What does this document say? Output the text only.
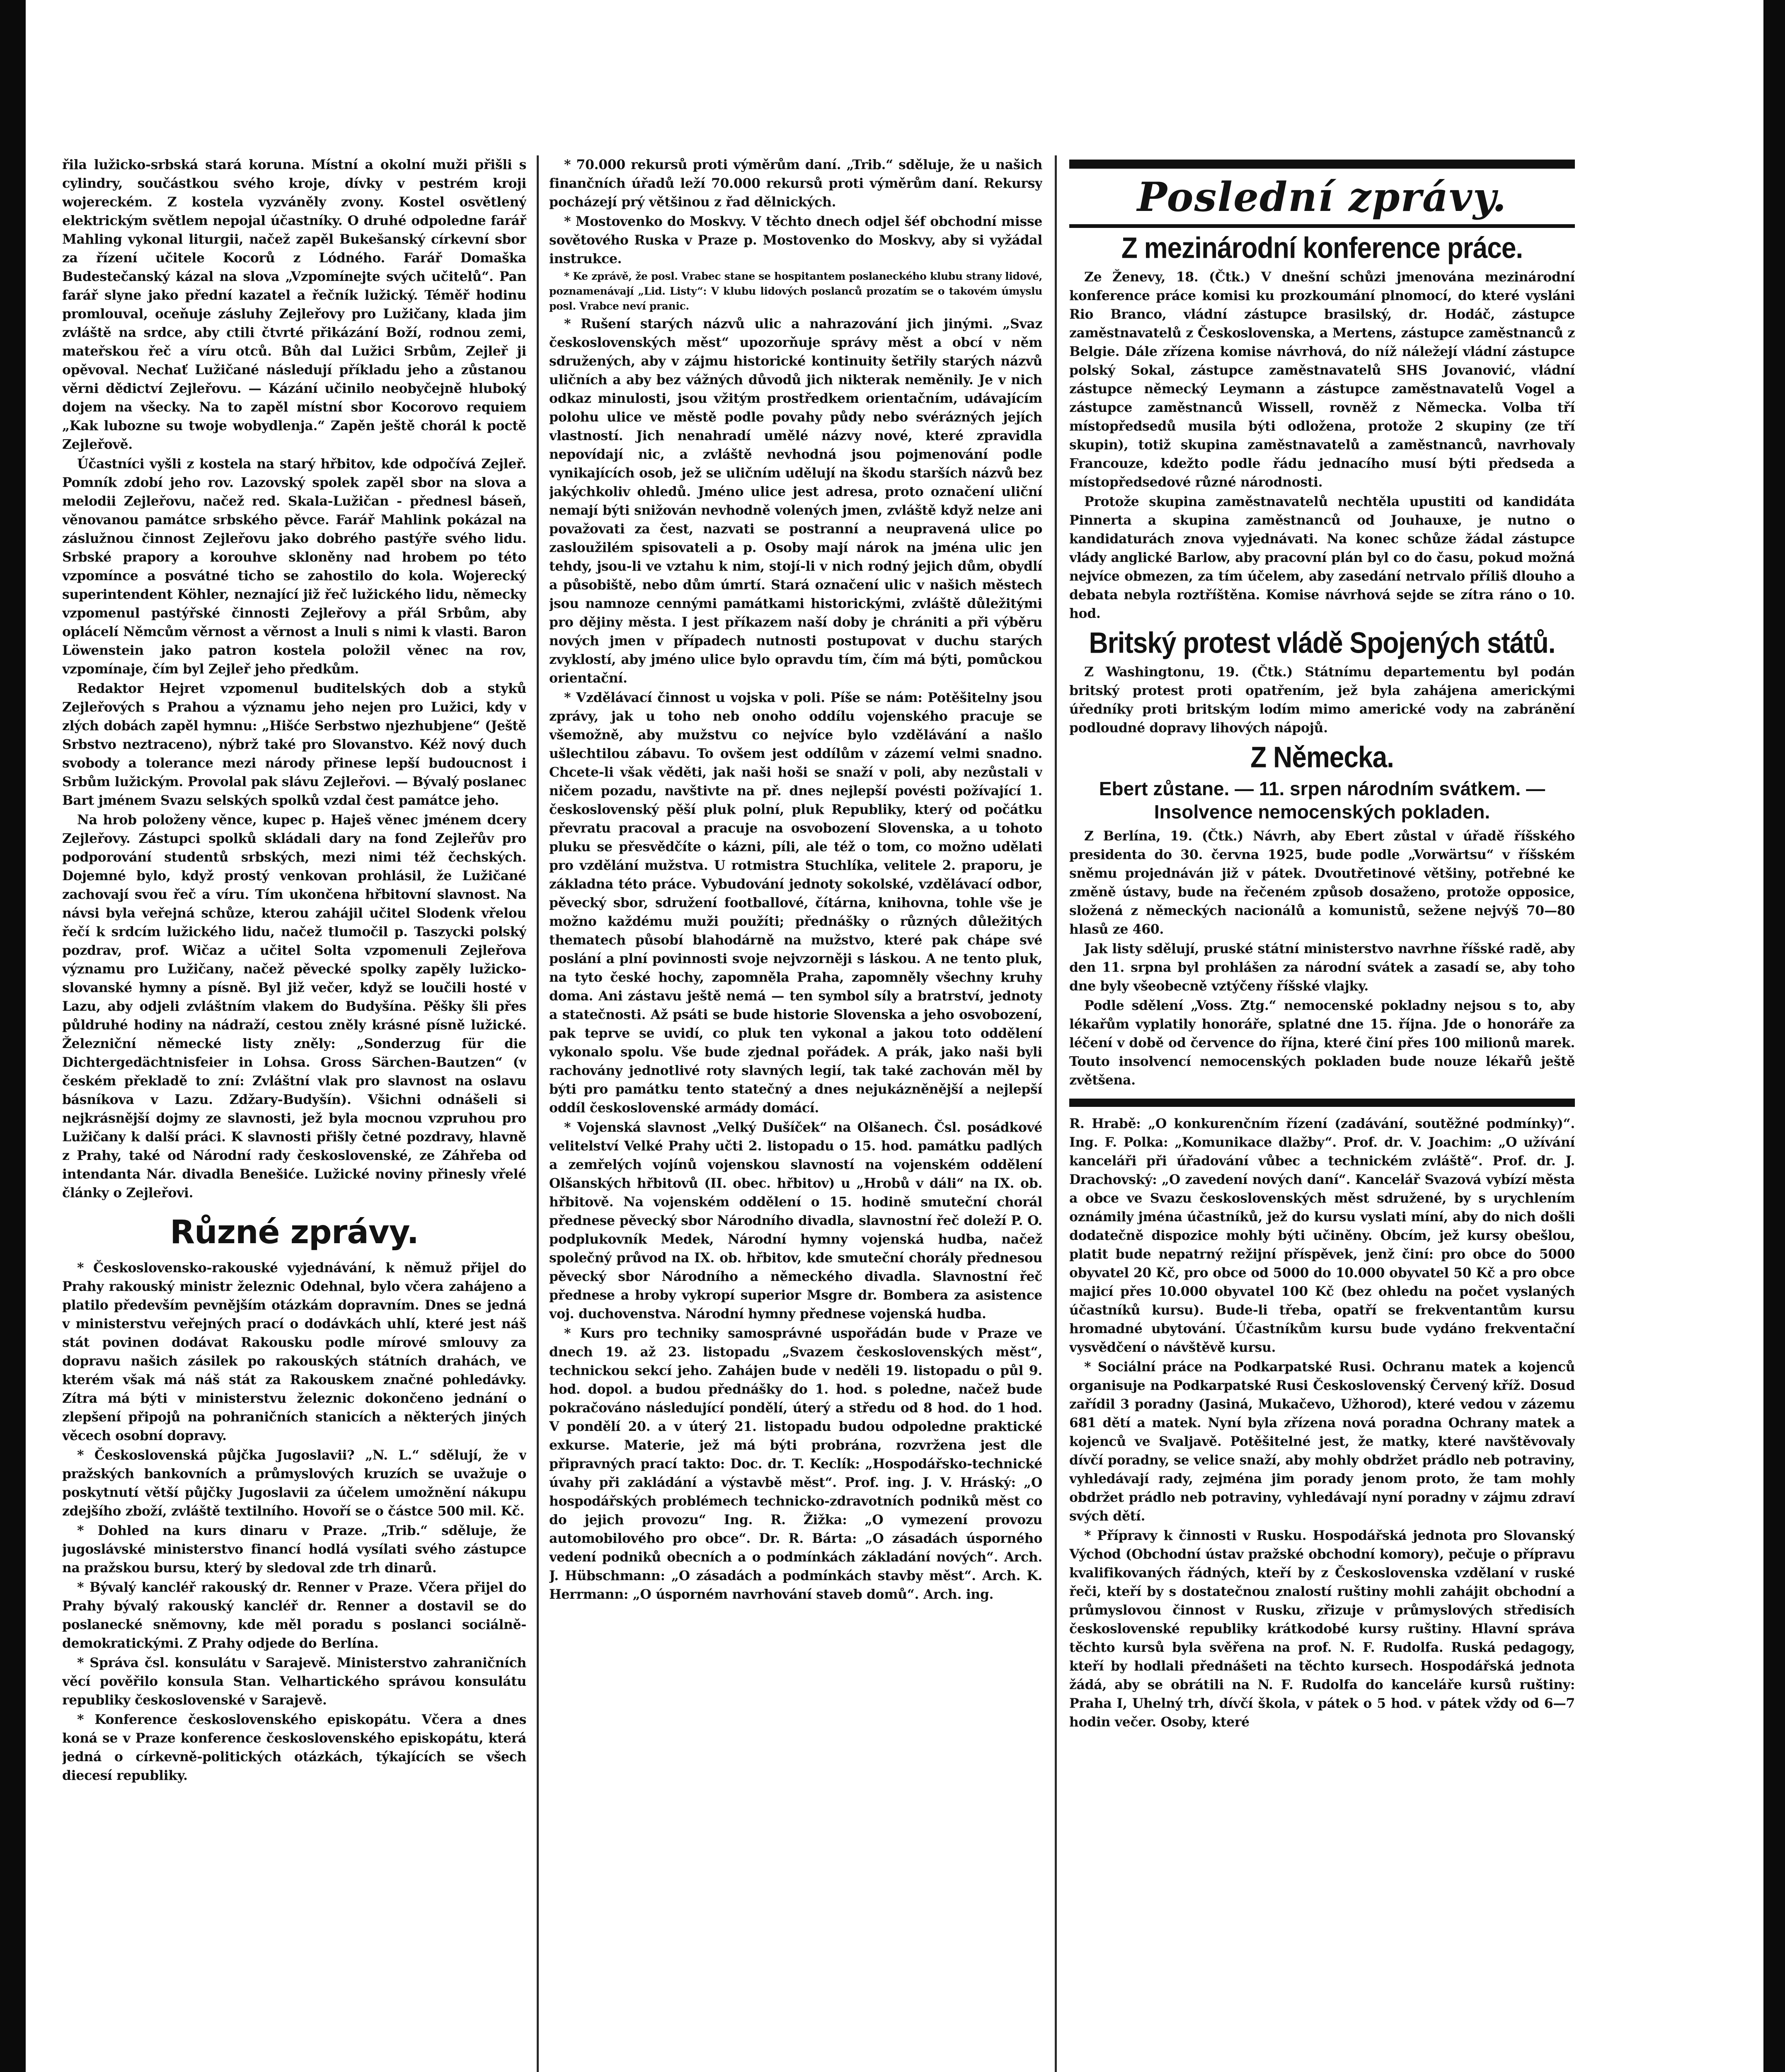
řila lužicko-srbská stará koruna. Místní a okolní muži přišli s cylindry, součástkou svého kroje, dívky v pestrém kroji wojereckém. Z kostela vyzváněly zvony. Kostel osvětlený elektrickým světlem nepojal účastníky. O druhé odpoledne farář Mahling vykonal liturgii, načež zapěl Bukešanský církevní sbor za řízení učitele Kocorů z Lódného. Farář Domaška Budestečanský kázal na slova „Vzpomínejte svých učitelů“. Pan farář slyne jako přední kazatel a řečník lužický. Téměř hodinu promlouval, oceňuje zásluhy Zejleřovy pro Lužičany, klada jim zvláště na srdce, aby ctili čtvrté přikázání Boží, rodnou zemi, mateřskou řeč a víru otců. Bůh dal Lužici Srbům, Zejleř ji opěvoval. Nechať Lužičané následují příkladu jeho a zůstanou věrni dědictví Zejleřovu. — Kázání učinilo neobyčejně hluboký dojem na všecky. Na to zapěl místní sbor Kocorovo requiem „Kak lubozne su twoje wobydlenja.“ Zapěn ještě chorál k poctě Zejleřově.

Účastníci vyšli z kostela na starý hřbitov, kde odpočívá Zejleř. Pomník zdobí jeho rov. Lazovský spolek zapěl sbor na slova a melodii Zejleřovu, načež red. Skala-Lužičan - přednesl báseň, věnovanou památce srbského pěvce. Farář Mahlink pokázal na záslužnou činnost Zejleřovu jako dobrého pastýře svého lidu. Srbské prapory a korouhve skloněny nad hrobem po této vzpomínce a posvátné ticho se zahostilo do kola. Wojerecký superintendent Köhler, neznající již řeč lužického lidu, německy vzpomenul pastýřské činnosti Zejleřovy a přál Srbům, aby oplácelí Němcům věrnost a věrnost a lnuli s nimi k vlasti. Baron Löwenstein jako patron kostela položil věnec na rov, vzpomínaje, čím byl Zejleř jeho předkům.

Redaktor Hejret vzpomenul buditelských dob a styků Zejleřových s Prahou a významu jeho nejen pro Lužici, kdy v zlých dobách zapěl hymnu: „Hišće Serbstwo njezhubjene“ (Ještě Srbstvo neztraceno), nýbrž také pro Slovanstvo. Kéž nový duch svobody a tolerance mezi národy přinese lepší budoucnost i Srbům lužickým. Provolal pak slávu Zejleřovi. — Bývalý poslanec Bart jménem Svazu selských spolků vzdal čest památce jeho.

Na hrob položeny věnce, kupec p. Haješ věnec jménem dcery Zejleřovy. Zástupci spolků skládali dary na fond Zejleřův pro podporování studentů srbských, mezi nimi též čechských. Dojemné bylo, když prostý venkovan prohlásil, že Lužičané zachovají svou řeč a víru. Tím ukončena hřbitovní slavnost. Na návsi byla veřejná schůze, kterou zahájil učitel Slodenk vřelou řečí k srdcím lužického lidu, načež tlumočil p. Taszycki polský pozdrav, prof. Wičaz a učitel Solta vzpomenuli Zejleřova významu pro Lužičany, načež pěvecké spolky zapěly lužicko-slovanské hymny a písně. Byl již večer, když se loučili hosté v Lazu, aby odjeli zvláštním vlakem do Budyšína. Pěšky šli přes půldruhé hodiny na nádraží, cestou zněly krásné písně lužické. Železniční německé listy zněly: „Sonderzug für die Dichtergedächtnisfeier in Lohsa. Gross Särchen-Bautzen“ (v českém překladě to zní: Zvláštní vlak pro slavnost na oslavu básníkova v Lazu. Zdžary-Budyšín). Všichni odnášeli si nejkrásnější dojmy ze slavnosti, jež byla mocnou vzpruhou pro Lužičany k další práci. K slavnosti přišly četné pozdravy, hlavně z Prahy, také od Národní rady československé, ze Záhřeba od intendanta Nár. divadla Benešiće. Lužické noviny přinesly vřelé články o Zejleřovi.

Různé zprávy.

* Československo-rakouské vyjednávání, k němuž přijel do Prahy rakouský ministr železnic Odehnal, bylo včera zahájeno a platilo především pevnějším otázkám dopravním. Dnes se jedná v ministerstvu veřejných prací o dodávkách uhlí, které jest náš stát povinen dodávat Rakousku podle mírové smlouvy za dopravu našich zásilek po rakouských státních drahách, ve kterém však má náš stát za Rakouskem značné pohledávky. Zítra má býti v ministerstvu železnic dokončeno jednání o zlepšení připojů na pohraničních stanicích a některých jiných věcech osobní dopravy.

* Československá půjčka Jugoslavii? „N. L.“ sdělují, že v pražských bankovních a průmyslových kruzích se uvažuje o poskytnutí větší půjčky Jugoslavii za účelem umožnění nákupu zdejšího zboží, zvláště textilního. Hovoří se o částce 500 mil. Kč.

* Dohled na kurs dinaru v Praze. „Trib.“ sděluje, že jugoslávské ministerstvo financí hodlá vysílati svého zástupce na pražskou bursu, který by sledoval zde trh dinarů.

* Bývalý kancléř rakouský dr. Renner v Praze. Včera přijel do Prahy bývalý rakouský kancléř dr. Renner a dostavil se do poslanecké sněmovny, kde měl poradu s poslanci sociálně-demokratickými. Z Prahy odjede do Berlína.

* Správa čsl. konsulátu v Sarajevě. Ministerstvo zahraničních věcí pověřilo konsula Stan. Velhartického správou konsulátu republiky československé v Sarajevě.

* Konference československého episkopátu. Včera a dnes koná se v Praze konference československého episkopátu, která jedná o církevně-politických otázkách, týkajících se všech diecesí republiky.

* 70.000 rekursů proti výměrům daní. „Trib.“ sděluje, že u našich finančních úřadů leží 70.000 rekursů proti výměrům daní. Rekursy pocházejí prý většinou z řad dělnických.

* Mostovenko do Moskvy. V těchto dnech odjel šéf obchodní misse sovětového Ruska v Praze p. Mostovenko do Moskvy, aby si vyžádal instrukce.

* Ke zprávě, že posl. Vrabec stane se hospitantem poslaneckého klubu strany lidové, poznamenávají „Lid. Listy“: V klubu lidových poslanců prozatím se o takovém úmyslu posl. Vrabce neví pranic.

* Rušení starých názvů ulic a nahrazování jich jinými. „Svaz československých měst“ upozorňuje správy měst a obcí v něm sdružených, aby v zájmu historické kontinuity šetřily starých názvů uličních a aby bez vážných důvodů jich nikterak neměnily. Je v nich odkaz minulosti, jsou vžitým prostředkem orientačním, udávajícím polohu ulice ve městě podle povahy půdy nebo svérázných jejích vlastností. Jich nenahradí umělé názvy nové, které zpravidla nepovídají nic, a zvláště nevhodná jsou pojmenování podle vynikajících osob, jež se uličním udělují na škodu starších názvů bez jakýchkoliv ohledů. Jméno ulice jest adresa, proto označení uliční nemají býti snižován nevhodně volených jmen, zvláště když nelze ani považovati za čest, nazvati se postranní a neupravená ulice po zasloužilém spisovateli a p. Osoby mají nárok na jména ulic jen tehdy, jsou-li ve vztahu k nim, stojí-li v nich rodný jejich dům, obydlí a působiště, nebo dům úmrtí. Stará označení ulic v našich městech jsou namnoze cennými památkami historickými, zvláště důležitými pro dějiny města. I jest příkazem naší doby je chrániti a při výběru nových jmen v případech nutnosti postupovat v duchu starých zvyklostí, aby jméno ulice bylo opravdu tím, čím má býti, pomůckou orientační.

* Vzdělávací činnost u vojska v poli. Píše se nám: Potěšitelny jsou zprávy, jak u toho neb onoho oddílu vojenského pracuje se všemožně, aby mužstvu co nejvíce bylo vzdělávání a našlo ušlechtilou zábavu. To ovšem jest oddílům v zázemí velmi snadno. Chcete-li však věděti, jak naši hoši se snaží v poli, aby nezůstali v ničem pozadu, navštivte na př. dnes nejlepší povésti požívající 1. československý pěší pluk polní, pluk Republiky, který od počátku převratu pracoval a pracuje na osvobození Slovenska, a u tohoto pluku se přesvědčíte o kázni, píli, ale též o tom, co možno udělati pro vzdělání mužstva. U rotmistra Stuchlíka, velitele 2. praporu, je základna této práce. Vybudování jednoty sokolské, vzdělávací odbor, pěvecký sbor, sdružení footballové, čítárna, knihovna, tohle vše je možno každému muži použíti; přednášky o různých důležitých thematech působí blahodárně na mužstvo, které pak chápe své poslání a plní povinnosti svoje nejvzorněji s láskou. A ne tento pluk, na tyto české hochy, zapomněla Praha, zapomněly všechny kruhy doma. Ani zástavu ještě nemá — ten symbol síly a bratrství, jednoty a statečnosti. Až psáti se bude historie Slovenska a jeho osvobození, pak teprve se uvidí, co pluk ten vykonal a jakou toto oddělení vykonalo spolu. Vše bude zjednal pořádek. A prák, jako naši byli rachovány jednotlivé roty slavných legií, tak také zachován měl by býti pro památku tento statečný a dnes nejukázněnější a nejlepší oddíl československé armády domácí.

* Vojenská slavnost „Velký Dušíček“ na Olšanech. Čsl. posádkové velitelství Velké Prahy učti 2. listopadu o 15. hod. památku padlých a zemřelých vojínů vojenskou slavností na vojenském oddělení Olšanských hřbitovů (II. obec. hřbitov) u „Hrobů v dáli“ na IX. ob. hřbitově. Na vojenském oddělení o 15. hodině smuteční chorál přednese pěvecký sbor Národního divadla, slavnostní řeč doleží P. O. podplukovník Medek, Národní hymny vojenská hudba, načež společný průvod na IX. ob. hřbitov, kde smuteční chorály přednesou pěvecký sbor Národního a německého divadla. Slavnostní řeč přednese a hroby vykropí superior Msgre dr. Bombera za asistence voj. duchovenstva. Národní hymny přednese vojenská hudba.

* Kurs pro techniky samosprávné uspořádán bude v Praze ve dnech 19. až 23. listopadu „Svazem československých měst“, technickou sekcí jeho. Zahájen bude v neděli 19. listopadu o půl 9. hod. dopol. a budou přednášky do 1. hod. s poledne, načež bude pokračováno následující pondělí, úterý a středu od 8 hod. do 1 hod. V pondělí 20. a v úterý 21. listopadu budou odpoledne praktické exkurse. Materie, jež má býti probrána, rozvržena jest dle připravných prací takto: Doc. dr. T. Keclík: „Hospodářsko-technické úvahy při zakládání a výstavbě měst“. Prof. ing. J. V. Hráský: „O hospodářských problémech technicko-zdravotních podniků měst co do jejich provozu“ Ing. R. Žižka: „O vymezení provozu automobilového pro obce“. Dr. R. Bárta: „O zásadách úsporného vedení podniků obecních a o podmínkách základání nových“. Arch. J. Hübschmann: „O zásadách a podmínkách stavby měst“. Arch. K. Herrmann: „O úsporném navrhování staveb domů“. Arch. ing.

Poslední zprávy.
Z mezinárodní konference práce.

Ze Ženevy, 18. (Čtk.) V dnešní schůzi jmenována mezinárodní konference práce komisi ku prozkoumání plnomocí, do které vysláni Rio Branco, vládní zástupce brasilský, dr. Hodáč, zástupce zaměstnavatelů z Československa, a Mertens, zástupce zaměstnanců z Belgie. Dále zřízena komise návrhová, do níž náležejí vládní zástupce polský Sokal, zástupce zaměstnavatelů SHS Jovanović, vládní zástupce německý Leymann a zástupce zaměstnavatelů Vogel a zástupce zaměstnanců Wissell, rovněž z Německa. Volba tří místopředsedů musila býti odložena, protože 2 skupiny (ze tří skupin), totiž skupina zaměstnavatelů a zaměstnanců, navrhovaly Francouze, kdežto podle řádu jednacího musí býti předseda a místopředsedové různé národnosti.

Protože skupina zaměstnavatelů nechtěla upustiti od kandidáta Pinnerta a skupina zaměstnanců od Jouhauxe, je nutno o kandidaturách znova vyjednávati. Na konec schůze žádal zástupce vlády anglické Barlow, aby pracovní plán byl co do času, pokud možná nejvíce obmezen, za tím účelem, aby zasedání netrvalo příliš dlouho a debata nebyla roztříštěna. Komise návrhová sejde se zítra ráno o 10. hod.

Britský protest vládě Spojených států.

Z Washingtonu, 19. (Čtk.) Státnímu departementu byl podán britský protest proti opatřením, jež byla zahájena americkými úředníky proti britským lodím mimo americké vody na zabránění podloudné dopravy lihových nápojů.

Z Německa.
Ebert zůstane. — 11. srpen národním svátkem. — Insolvence nemocenských pokladen.

Z Berlína, 19. (Čtk.) Návrh, aby Ebert zůstal v úřadě říšského presidenta do 30. června 1925, bude podle „Vorwärtsu“ v říšském sněmu projednáván již v pátek. Dvoutřetinové většiny, potřebné ke změně ústavy, bude na řečeném způsob dosaženo, protože opposice, složená z německých nacionálů a komunistů, sežene nejvýš 70—80 hlasů ze 460.

Jak listy sdělují, pruské státní ministerstvo navrhne říšské radě, aby den 11. srpna byl prohlášen za národní svátek a zasadí se, aby toho dne byly všeobecně vztýčeny říšské vlajky.

Podle sdělení „Voss. Ztg.“ nemocenské pokladny nejsou s to, aby lékařům vyplatily honoráře, splatné dne 15. října. Jde o honoráře za léčení v době od července do října, které činí přes 100 milionů marek. Touto insolvencí nemocenských pokladen bude nouze lékařů ještě zvětšena.

R. Hrabě: „O konkurenčním řízení (zadávání, soutěžné podmínky)“. Ing. F. Polka: „Komunikace dlažby“. Prof. dr. V. Joachim: „O užívání kanceláři při úřadování vůbec a technickém zvláště“. Prof. dr. J. Drachovský: „O zavedení nových daní“. Kancelář Svazová vybízí města a obce ve Svazu československých měst sdružené, by s urychlením oznámily jména účastníků, jež do kursu vyslati míní, aby do nich došli dodatečně dispozice mohly býti učiněny. Obcím, jež kursy obešlou, platit bude nepatrný režijní příspěvek, jenž činí: pro obce do 5000 obyvatel 20 Kč, pro obce od 5000 do 10.000 obyvatel 50 Kč a pro obce majicí přes 10.000 obyvatel 100 Kč (bez ohledu na počet vyslaných účastníků kursu). Bude-li třeba, opatří se frekventantům kursu hromadné ubytování. Účastníkům kursu bude vydáno frekventační vysvědčení o návštěvě kursu.

* Sociální práce na Podkarpatské Rusi. Ochranu matek a kojenců organisuje na Podkarpatské Rusi Československý Červený kříž. Dosud zařídil 3 poradny (Jasiná, Mukačevo, Užhorod), které vedou v zázemu 681 dětí a matek. Nyní byla zřízena nová poradna Ochrany matek a kojenců ve Svaljavě. Potěšitelné jest, že matky, které navštěvovaly dívčí poradny, se velice snaží, aby mohly obdržet prádlo neb potraviny, vyhledávají rady, zejména jim porady jenom proto, že tam mohly obdržet prádlo neb potraviny, vyhledávají nyní poradny v zájmu zdraví svých dětí.

* Přípravy k činnosti v Rusku. Hospodářská jednota pro Slovanský Východ (Obchodní ústav pražské obchodní komory), pečuje o přípravu kvalifikovaných řádných, kteří by z Československa vzdělaní v ruské řeči, kteří by s dostatečnou znalostí ruštiny mohli zahájit obchodní a průmyslovou činnost v Rusku, zřizuje v průmyslových středisích československé republiky krátkodobé kursy ruštiny. Hlavní správa těchto kursů byla svěřena na prof. N. F. Rudolfa. Ruská pedagogy, kteří by hodlali přednášeti na těchto kursech. Hospodářská jednota žádá, aby se obrátili na N. F. Rudolfa do kanceláře kursů ruštiny: Praha I, Uhelný trh, dívčí škola, v pátek o 5 hod. v pátek vždy od 6—7 hodin večer. Osoby, které
